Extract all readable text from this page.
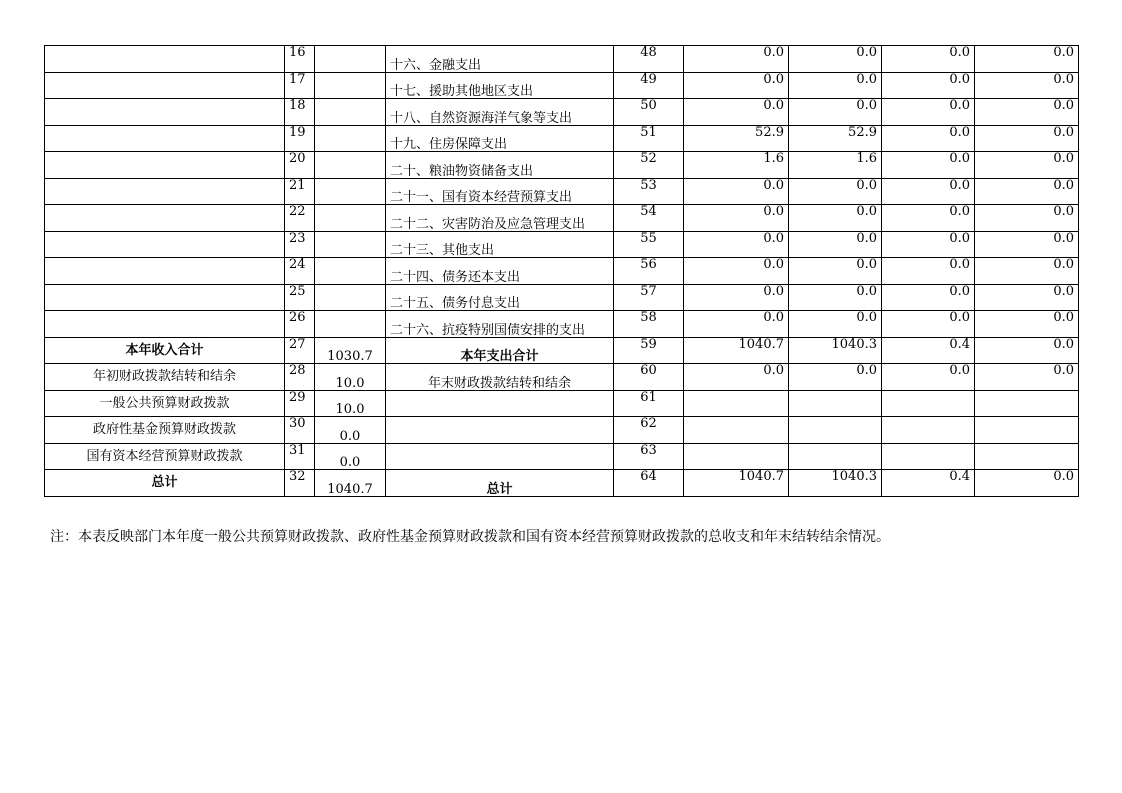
	16		十六、金融支出	48	0.0	0.0	0.0	0.0
	17		十七、援助其他地区支出	49	0.0	0.0	0.0	0.0
	18		十八、自然资源海洋气象等支出	50	0.0	0.0	0.0	0.0
	19		十九、住房保障支出	51	52.9	52.9	0.0	0.0
	20		二十、粮油物资储备支出	52	1.6	1.6	0.0	0.0
	21		二十一、国有资本经营预算支出	53	0.0	0.0	0.0	0.0
	22		二十二、灾害防治及应急管理支出	54	0.0	0.0	0.0	0.0
	23		二十三、其他支出	55	0.0	0.0	0.0	0.0
	24		二十四、债务还本支出	56	0.0	0.0	0.0	0.0
	25		二十五、债务付息支出	57	0.0	0.0	0.0	0.0
	26		二十六、抗疫特别国债安排的支出	58	0.0	0.0	0.0	0.0
本年收入合计	27	1030.7	本年支出合计	59	1040.7	1040.3	0.4	0.0
年初财政拨款结转和结余	28	10.0	年末财政拨款结转和结余	60	0.0	0.0	0.0	0.0
一般公共预算财政拨款	29	10.0		61				
政府性基金预算财政拨款	30	0.0		62				
国有资本经营预算财政拨款	31	0.0		63				
总计	32	1040.7	总计	64	1040.7	1040.3	0.4	0.0
注：本表反映部门本年度一般公共预算财政拨款、政府性基金预算财政拨款和国有资本经营预算财政拨款的总收支和年末结转结余情况。
